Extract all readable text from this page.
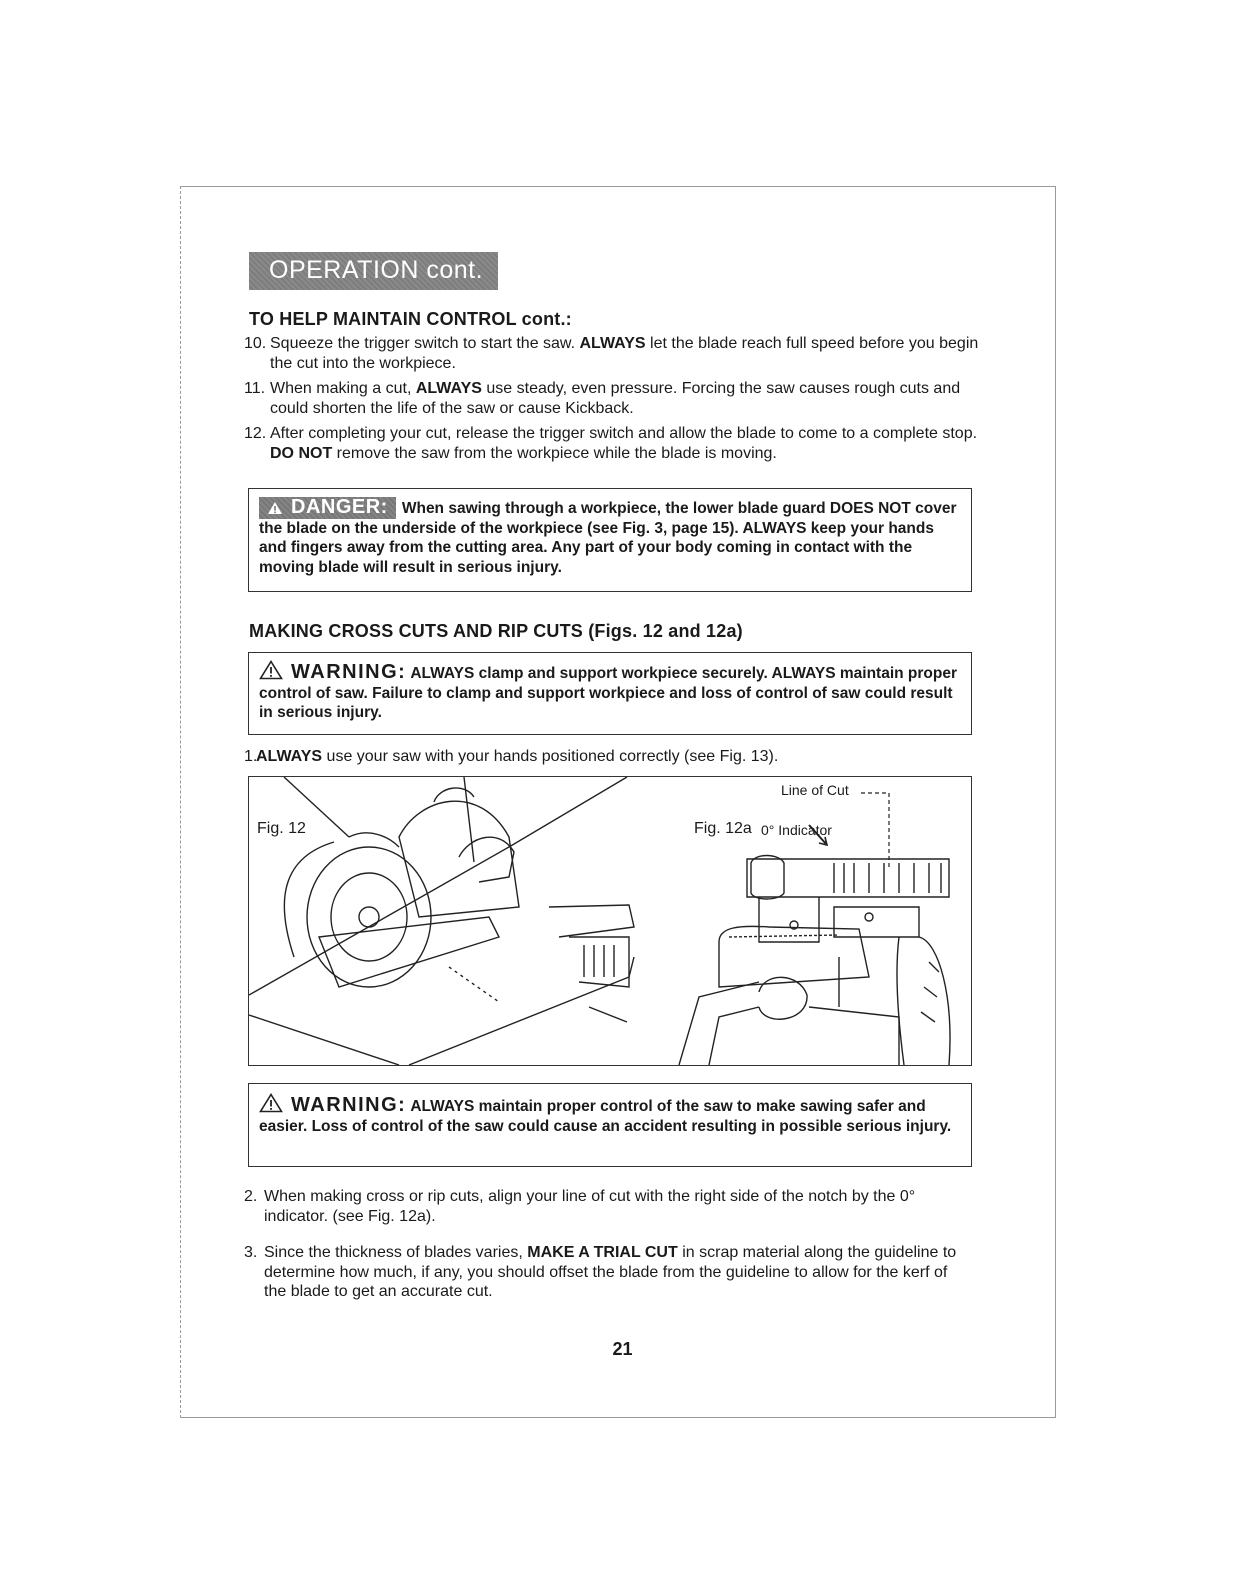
OPERATION cont.
TO HELP MAINTAIN CONTROL cont.:
10. Squeeze the trigger switch to start the saw. ALWAYS let the blade reach full speed before you begin the cut into the workpiece.
11. When making a cut, ALWAYS use steady, even pressure. Forcing the saw causes rough cuts and could shorten the life of the saw or cause Kickback.
12. After completing your cut, release the trigger switch and allow the blade to come to a complete stop. DO NOT remove the saw from the workpiece while the blade is moving.

DANGER: When sawing through a workpiece, the lower blade guard DOES NOT cover the blade on the underside of the workpiece (see Fig. 3, page 15). ALWAYS keep your hands and fingers away from the cutting area. Any part of your body coming in contact with the moving blade will result in serious injury.

MAKING CROSS CUTS AND RIP CUTS (Figs. 12 and 12a)

WARNING: ALWAYS clamp and support workpiece securely. ALWAYS maintain proper control of saw. Failure to clamp and support workpiece and loss of control of saw could result in serious injury.

1.
ALWAYS use your saw with your hands positioned correctly (see Fig. 13).
Fig. 12	Fig. 12a
Line of Cut
0° Indicator

WARNING: ALWAYS maintain proper control of the saw to make sawing safer and easier. Loss of control of the saw could cause an accident resulting in possible serious injury.

2. When making cross or rip cuts, align your line of cut with the right side of the notch by the 0° indicator. (see Fig. 12a).
3. Since the thickness of blades varies, MAKE A TRIAL CUT in scrap material along the guideline to determine how much, if any, you should offset the blade from the guideline to allow for the kerf of the blade to get an accurate cut.
21
